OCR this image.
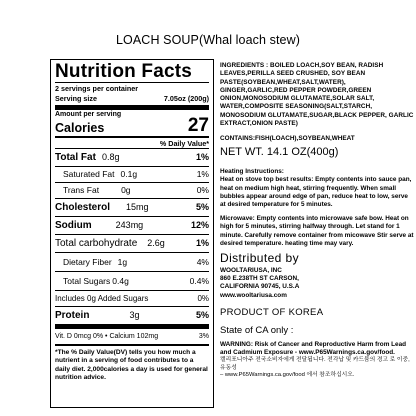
LOACH SOUP(Whal loach stew)
Nutrition Facts
2 servings per container
Serving size	7.05oz (200g)
Amount per serving
Calories	27
% Daily Value*
Total Fat 0.8g	1%
Saturated Fat 0.1g	1%
Trans Fat	0g	0%
Cholesterol 15mg	5%
Sodium	243mg	12%
Total carbohydrate 2.6g	1%
Dietary Fiber 1g	4%
Total Sugars 0.4g	0.4%
Includes 0g Added Sugars	0%
Protein	3g	5%
Vit. D 0mcg 0% • Calcium 102mg	3%
*The % Daily Value(DV) tells you how much a nutrient in a serving of food contributes to a daily diet. 2,000calories a day is used for general nutrition advice.
INGREDIENTS : BOILED LOACH,SOY BEAN, RADISH LEAVES,PERILLA SEED CRUSHED, SOY BEAN PASTE(SOYBEAN,WHEAT,SALT,WATER), GINGER,GARLIC,RED PEPPER POWDER,GREEN ONION,MONOSODIUM GLUTAMATE,SOLAR SALT, WATER,COMPOSITE SEASONING(SALT,STARCH, MONOSODIUM GLUTAMATE,SUGAR,BLACK PEPPER, GARLIC EXTRACT,ONION PASTE)
CONTAINS:FISH(LOACH),SOYBEAN,WHEAT
NET WT. 14.1 OZ(400g)
Heating Instructions:
Heat on stove top best results: Empty contents into sauce pan, heat on medium high heat, stirring frequently. When small bubbles appear around edge of pan, reduce heat to low, serve at desired temperature for 5 minutes.
Microwave: Empty contents into microwave safe bow. Heat on high for 5 minutes, stirring halfway through. Let stand for 1 minute. Carefully remove container from micowave Stir serve at desired temperature. heating time may vary.
Distributed by
WOOLTARIUSA, INC
860 E.238TH ST CARSON,
CALIFORNIA 90745, U.S.A
www.wooltariusa.com
PRODUCT OF KOREA
State of CA only :
WARNING: Risk of Cancer and Reproductive Harm from Lead and Cadmium Exposure - www.P65Warnings.ca.gov/food.
캘리포니아주 전국소비자에게 전달됩니다. 전각납 및 카드뮴의 경고 로 이중, 유동성
– www.P65Warnings.ca.gov/food 에서 참조하십시오.
